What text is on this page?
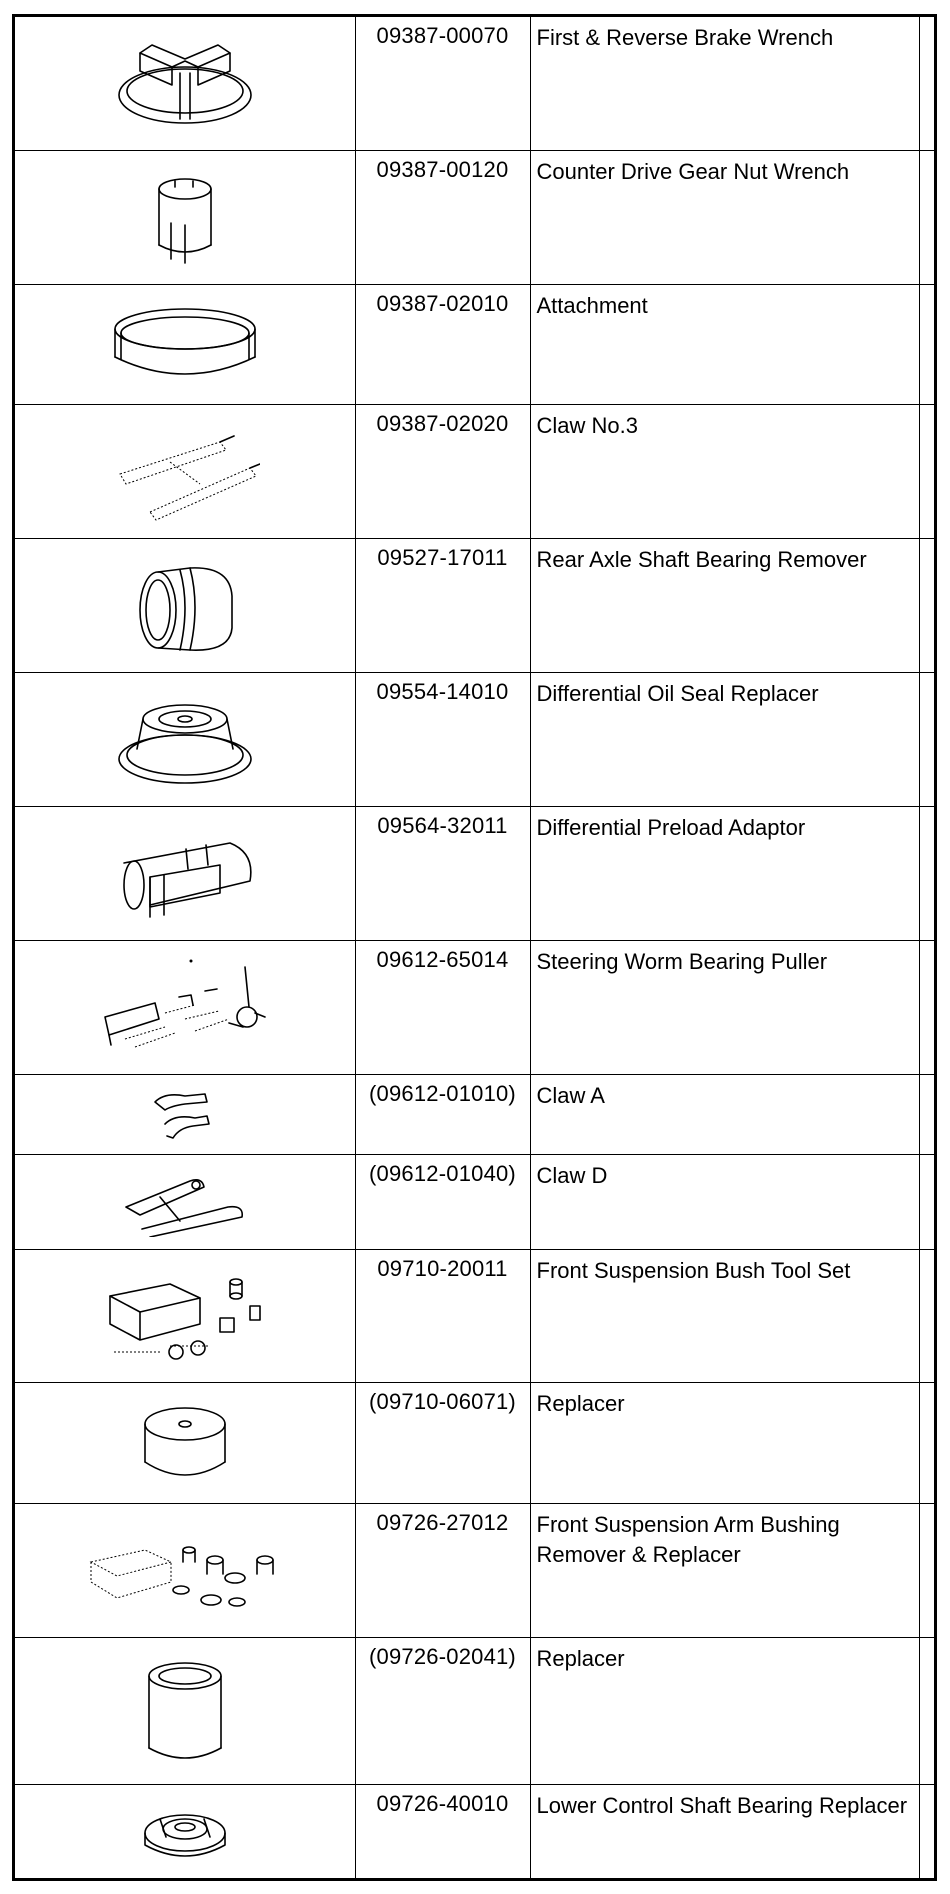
	09387-00070	First & Reverse Brake Wrench	

	09387-00120	Counter Drive Gear Nut Wrench	

	09387-02010	Attachment	

	09387-02020	Claw No.3	

	09527-17011	Rear Axle Shaft Bearing Remover	

	09554-14010	Differential Oil Seal Replacer	

	09564-32011	Differential Preload Adaptor	

	09612-65014	Steering Worm Bearing Puller	

	(09612-01010)	Claw A	

	(09612-01040)	Claw D	

	09710-20011	Front Suspension Bush Tool Set	

	(09710-06071)	Replacer	

	09726-27012	Front Suspension Arm Bushing Remover & Replacer	

	(09726-02041)	Replacer	

	09726-40010	Lower Control Shaft Bearing Replacer	
